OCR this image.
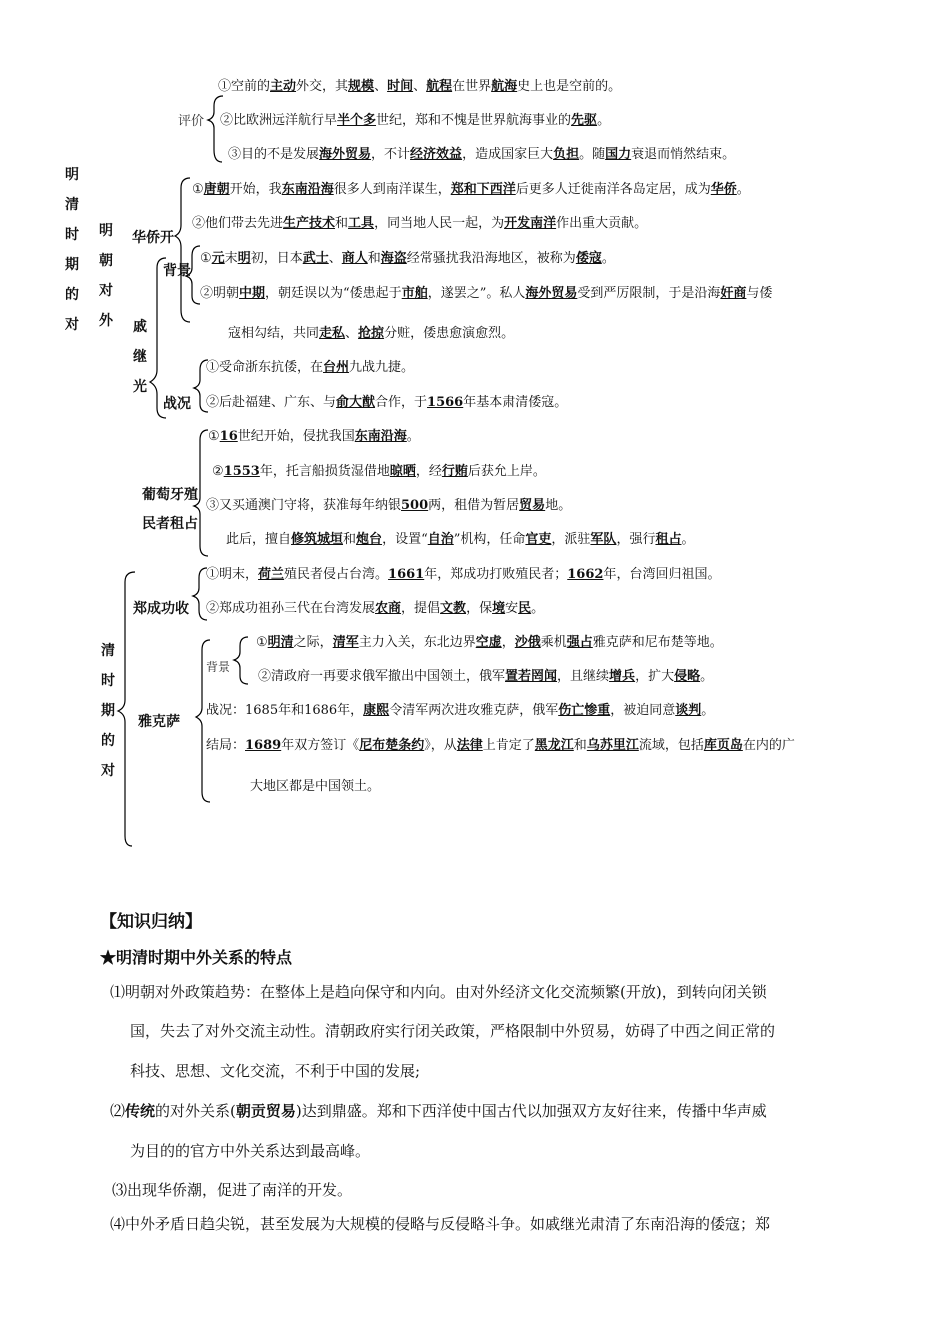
明清时期的对
明朝对外 戚继光
清时期的对
评价
华侨开
背景
战况
葡萄牙殖
民者租占
郑成功收
雅克萨
背景
①空前的主动外交，其规模、时间、航程在世界航海史上也是空前的。
②比欧洲远洋航行早半个多世纪，郑和不愧是世界航海事业的先驱。
③目的不是发展海外贸易，不计经济效益，造成国家巨大负担。随国力衰退而悄然结束。
①唐朝开始，我东南沿海很多人到南洋谋生，郑和下西洋后更多人迁徙南洋各岛定居，成为华侨。
②他们带去先进生产技术和工具，同当地人民一起，为开发南洋作出重大贡献。
①元末明初，日本武士、商人和海盗经常骚扰我沿海地区，被称为倭寇。
②明朝中期，朝廷误以为“倭患起于市舶，遂罢之”。私人海外贸易受到严厉限制，于是沿海奸商与倭
寇相勾结，共同走私、抢掠分赃，倭患愈演愈烈。
①受命浙东抗倭，在台州九战九捷。
②后赴福建、广东、与俞大猷合作，于1566年基本肃清倭寇。
①16世纪开始，侵扰我国东南沿海。
②1553年，托言船损货湿借地晾晒，经行贿后获允上岸。
③又买通澳门守将，获准每年纳银500两，租借为暂居贸易地。
此后，擅自修筑城垣和炮台，设置“自治”机构，任命官吏，派驻军队，强行租占。
①明末，荷兰殖民者侵占台湾。1661年，郑成功打败殖民者；1662年，台湾回归祖国。
②郑成功祖孙三代在台湾发展农商，提倡文教，保境安民。
①明清之际，清军主力入关，东北边界空虚，沙俄乘机强占雅克萨和尼布楚等地。
②清政府一再要求俄军撤出中国领土，俄军置若罔闻，且继续增兵，扩大侵略。
战况：1685年和1686年，康熙令清军两次进攻雅克萨，俄军伤亡惨重，被迫同意谈判。
结局：1689年双方签订《尼布楚条约》，从法律上肯定了黑龙江和乌苏里江流域，包括库页岛在内的广
大地区都是中国领土。
【知识归纳】
★明清时期中外关系的特点
⑴明朝对外政策趋势：在整体上是趋向保守和内向。由对外经济文化交流频繁(开放)，到转向闭关锁
国，失去了对外交流主动性。清朝政府实行闭关政策，严格限制中外贸易，妨碍了中西之间正常的
科技、思想、文化交流，不利于中国的发展;
⑵传统的对外关系(朝贡贸易)达到鼎盛。郑和下西洋使中国古代以加强双方友好往来，传播中华声威
为目的的官方中外关系达到最高峰。
⑶出现华侨潮，促进了南洋的开发。
⑷中外矛盾日趋尖锐，甚至发展为大规模的侵略与反侵略斗争。如戚继光肃清了东南沿海的倭寇；郑
